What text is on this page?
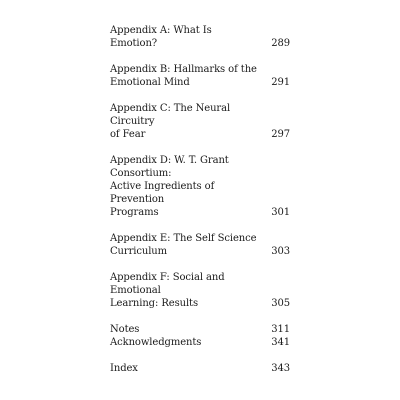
Appendix A: What Is Emotion?	289
Appendix B: Hallmarks of the
Emotional Mind	291
Appendix C: The Neural Circuitry
of Fear	297
Appendix D: W. T. Grant Consortium:
Active Ingredients of Prevention
Programs	301
Appendix E: The Self Science
Curriculum	303
Appendix F: Social and Emotional
Learning: Results	305
Notes	311
Acknowledgments	341
Index	343
